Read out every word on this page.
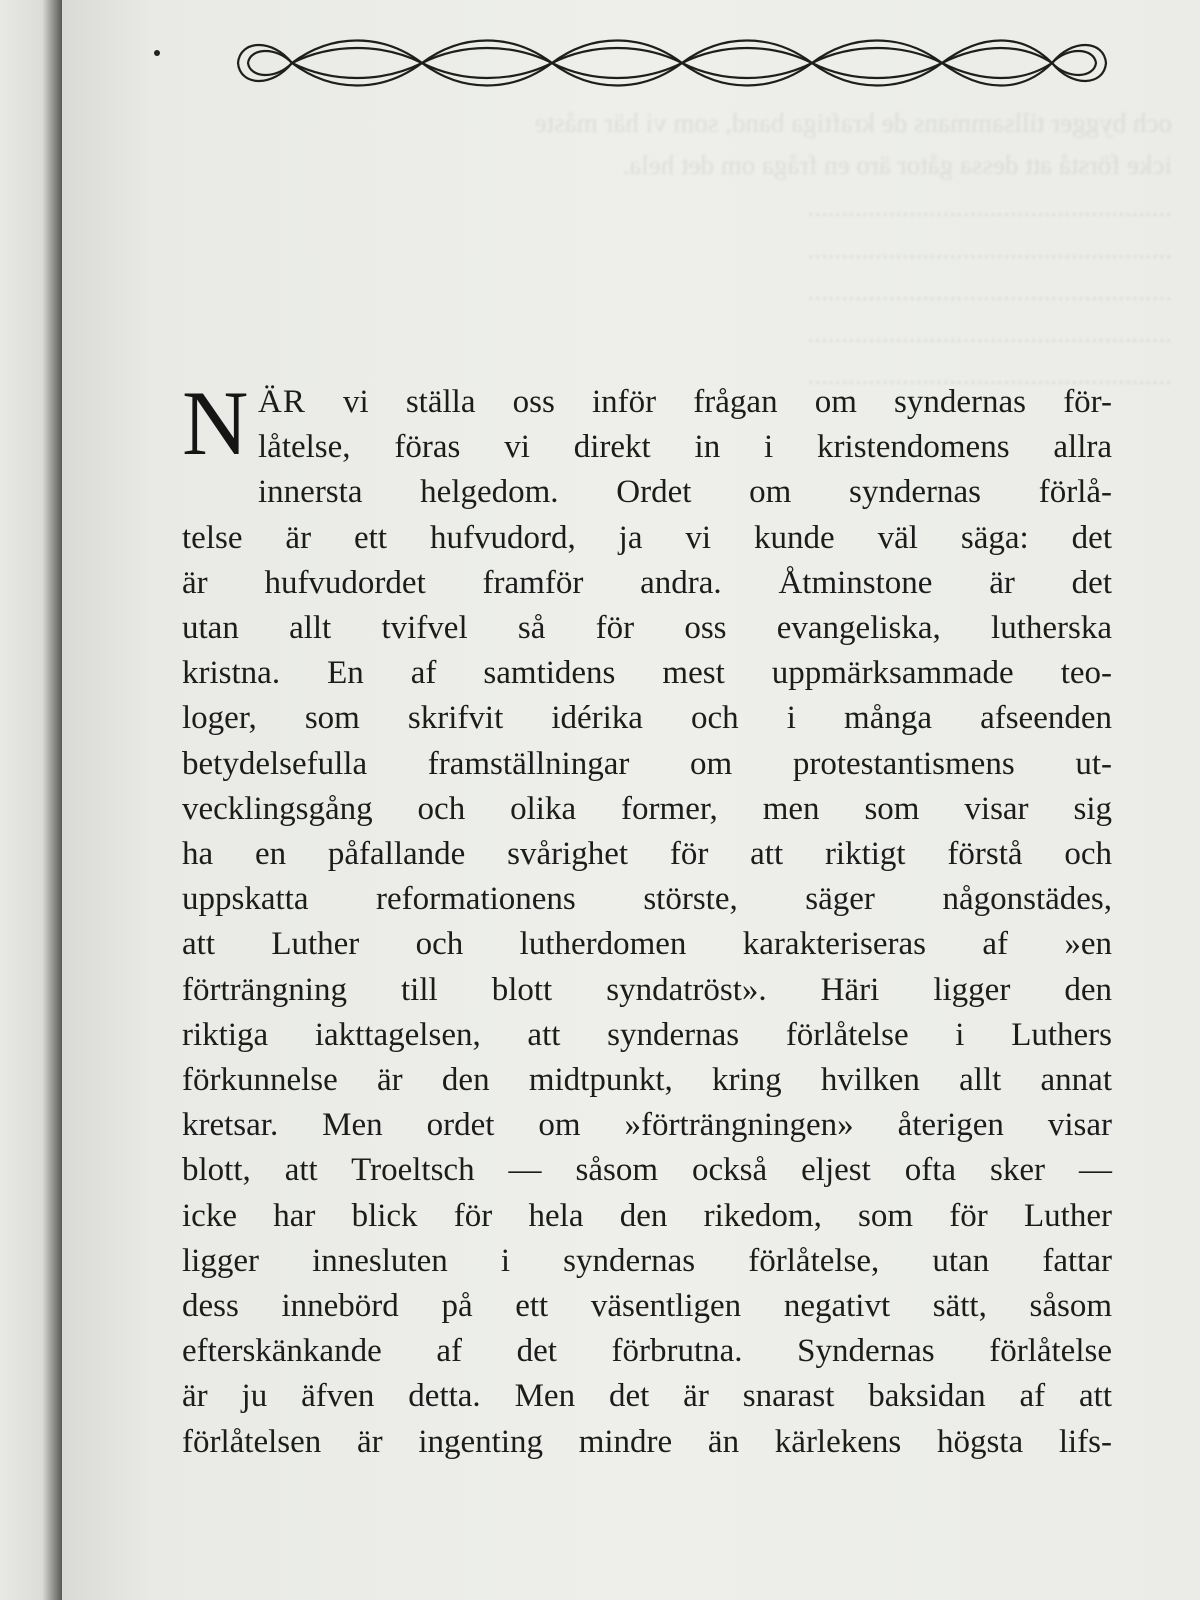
och bygger tillsammans de kraftiga band, som vi här måste
icke förstå att dessa gåtor äro en fråga om det hela.
......................................................
......................................................
......................................................
......................................................
......................................................

N ÄR vi ställa oss inför frågan om syndernas för-
låtelse, föras vi direkt in i kristendomens allra
innersta helgedom. Ordet om syndernas förlå-
telse är ett hufvudord, ja vi kunde väl säga: det
är hufvudordet framför andra. Åtminstone är det
utan allt tvifvel så för oss evangeliska, lutherska
kristna. En af samtidens mest uppmärksammade teo-
loger, som skrifvit idérika och i många afseenden
betydelsefulla framställningar om protestantismens ut-
vecklingsgång och olika former, men som visar sig
ha en påfallande svårighet för att riktigt förstå och
uppskatta reformationens störste, säger någonstädes,
att Luther och lutherdomen karakteriseras af »en
förträngning till blott syndatröst». Häri ligger den
riktiga iakttagelsen, att syndernas förlåtelse i Luthers
förkunnelse är den midtpunkt, kring hvilken allt annat
kretsar. Men ordet om »förträngningen» återigen visar
blott, att Troeltsch — såsom också eljest ofta sker —
icke har blick för hela den rikedom, som för Luther
ligger innesluten i syndernas förlåtelse, utan fattar
dess innebörd på ett väsentligen negativt sätt, såsom
efterskänkande af det förbrutna. Syndernas förlåtelse
är ju äfven detta. Men det är snarast baksidan af att
förlåtelsen är ingenting mindre än kärlekens högsta lifs-
